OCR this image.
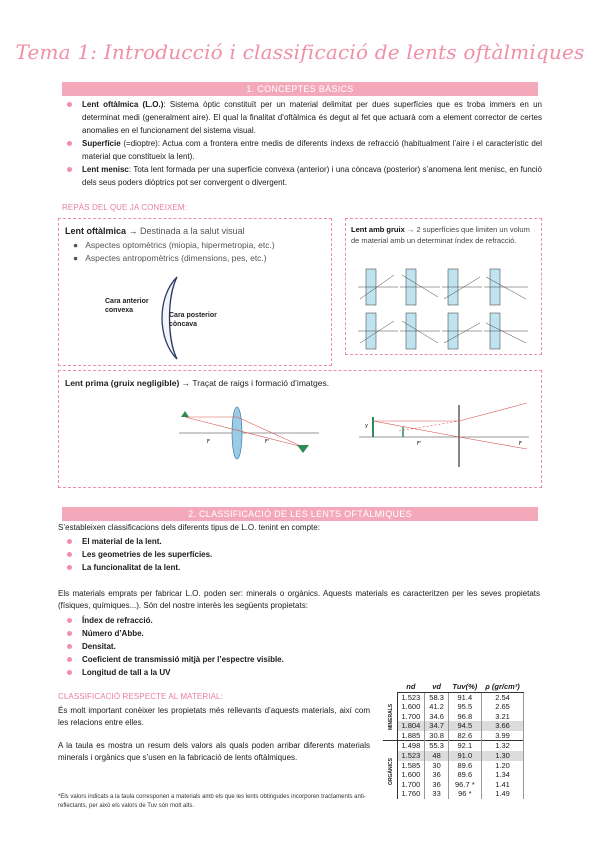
Tema 1: Introducció i classificació de lents oftàlmiques
1. CONCEPTES BÀSICS
Lent oftàlmica (L.O.): Sistema òptic constituït per un material delimitat per dues superfícies que es troba immers en un determinat medi (generalment aire). El qual la finalitat d’oftàlmica és degut al fet que actuarà com a element corrector de certes anomalies en el funcionament del sistema visual.
Superfície (=dioptre): Actua com a frontera entre medis de diferents índexs de refracció (habitualment l’aire i el característic del material que constitueix la lent).
Lent menisc: Tota lent formada per una superfície convexa (anterior) i una còncava (posterior) s’anomena lent menisc, en funció dels seus poders diòptrics pot ser convergent o divergent.
REPÀS DEL QUE JA CONEIXEM:
Lent oftàlmica → Destinada a la salut visual
●   Aspectes optomètrics (miopia, hipermetropia, etc.)
●   Aspectes antropomètrics (dimensions, pes, etc.)
Cara anterior
convexa
Cara posterior
còncava
Lent amb gruix → 2 superfícies que limiten un volum de material amb un determinat índex de refracció.
Lent prima (gruix negligible) → Traçat de raigs i formació d’imatges.
F	F'
y
F'	F
2. CLASSIFICACIÓ DE LES LENTS OFTÀLMIQUES
S’estableixen classificacions dels diferents tipus de L.O. tenint en compte:
El material de la lent.
Les geometries de les superfícies.
La funcionalitat de la lent.
Els materials emprats per fabricar L.O. poden ser: minerals o orgànics. Aquests materials es caracteritzen per les seves propietats (físiques, químiques...). Són del nostre interès les següents propietats:
Índex de refracció.
Número d’Abbe.
Densitat.
Coeficient de transmissió mitjà per l’espectre visible.
Longitud de tall a la UV
CLASSIFICACIÓ RESPECTE AL MATERIAL:
És molt important conèixer les propietats més rellevants d’aquests materials, així com les relacions entre elles.
A la taula es mostra un resum dels valors als quals poden arribar diferents materials minerals i orgànics que s’usen en la fabricació de lents oftàlmiques.
*Els valors indicats a la taula corresponen a materials amb els que les lents obtingudes incorporen tractaments anti-reflectants, per això els valors de Tuv són molt alts.
	nd	νd	Tuv(%)	ρ (gr/cm³)

MINERALS	1.523	58.3	91.4	2.54
	1.600	41.2	95.5	2.65
	1.700	34.6	96.8	3.21
	1.804	34.7	94.5	3.66
	1.885	30.8	82.6	3.99

ORGÀNICS	1.498	55.3	92.1	1.32
	1.523	48	91.0	1.30
	1.585	30	89.6	1.20
	1.600	36	89.6	1.34
	1.700	36	96.7 *	1.41
	1.760	33	96 *	1.49
